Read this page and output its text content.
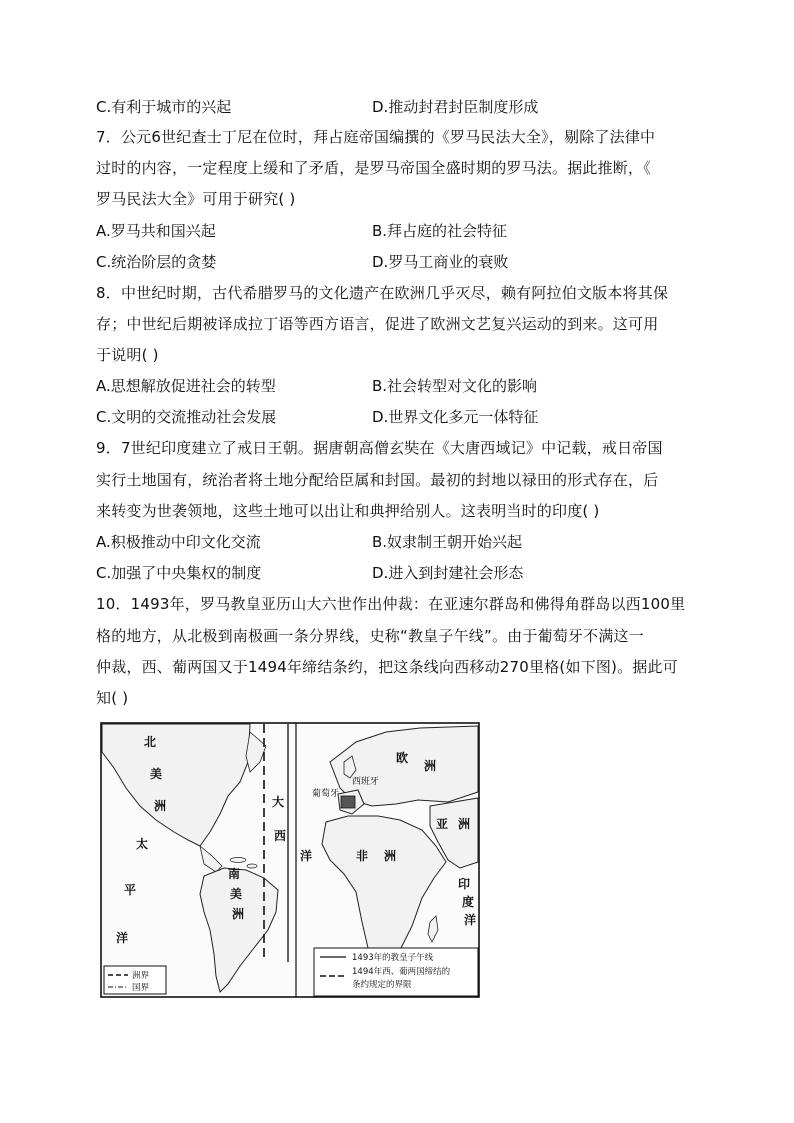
C.有利于城市的兴起	D.推动封君封臣制度形成
7．公元6世纪查士丁尼在位时，拜占庭帝国编撰的《罗马民法大全》，剔除了法律中
过时的内容，一定程度上缓和了矛盾，是罗马帝国全盛时期的罗马法。据此推断，《
罗马民法大全》可用于研究( )
A.罗马共和国兴起	B.拜占庭的社会特征
C.统治阶层的贪婪	D.罗马工商业的衰败
8．中世纪时期，古代希腊罗马的文化遗产在欧洲几乎灭尽，赖有阿拉伯文版本将其保
存；中世纪后期被译成拉丁语等西方语言，促进了欧洲文艺复兴运动的到来。这可用
于说明( )
A.思想解放促进社会的转型	B.社会转型对文化的影响
C.文明的交流推动社会发展	D.世界文化多元一体特征
9．7世纪印度建立了戒日王朝。据唐朝高僧玄奘在《大唐西域记》中记载，戒日帝国
实行土地国有，统治者将土地分配给臣属和封国。最初的封地以禄田的形式存在，后
来转变为世袭领地，这些土地可以出让和典押给别人。这表明当时的印度( )
A.积极推动中印文化交流	B.奴隶制王朝开始兴起
C.加强了中央集权的制度	D.进入到封建社会形态
10．1493年，罗马教皇亚历山大六世作出仲裁：在亚速尔群岛和佛得角群岛以西100里
格的地方，从北极到南极画一条分界线，史称“教皇子午线”。由于葡萄牙不满这一
仲裁，西、葡两国又于1494年缔结条约，把这条线向西移动270里格(如下图)。据此可
知( )
北
美
洲
太
平
洋
南
美
洲
大
西
洋
欧
洲
亚 洲
非 洲
印
度
洋
葡萄牙
西班牙
洲界
国界
1493年的教皇子午线
1494年西、葡两国缔结的
条约规定的界限
